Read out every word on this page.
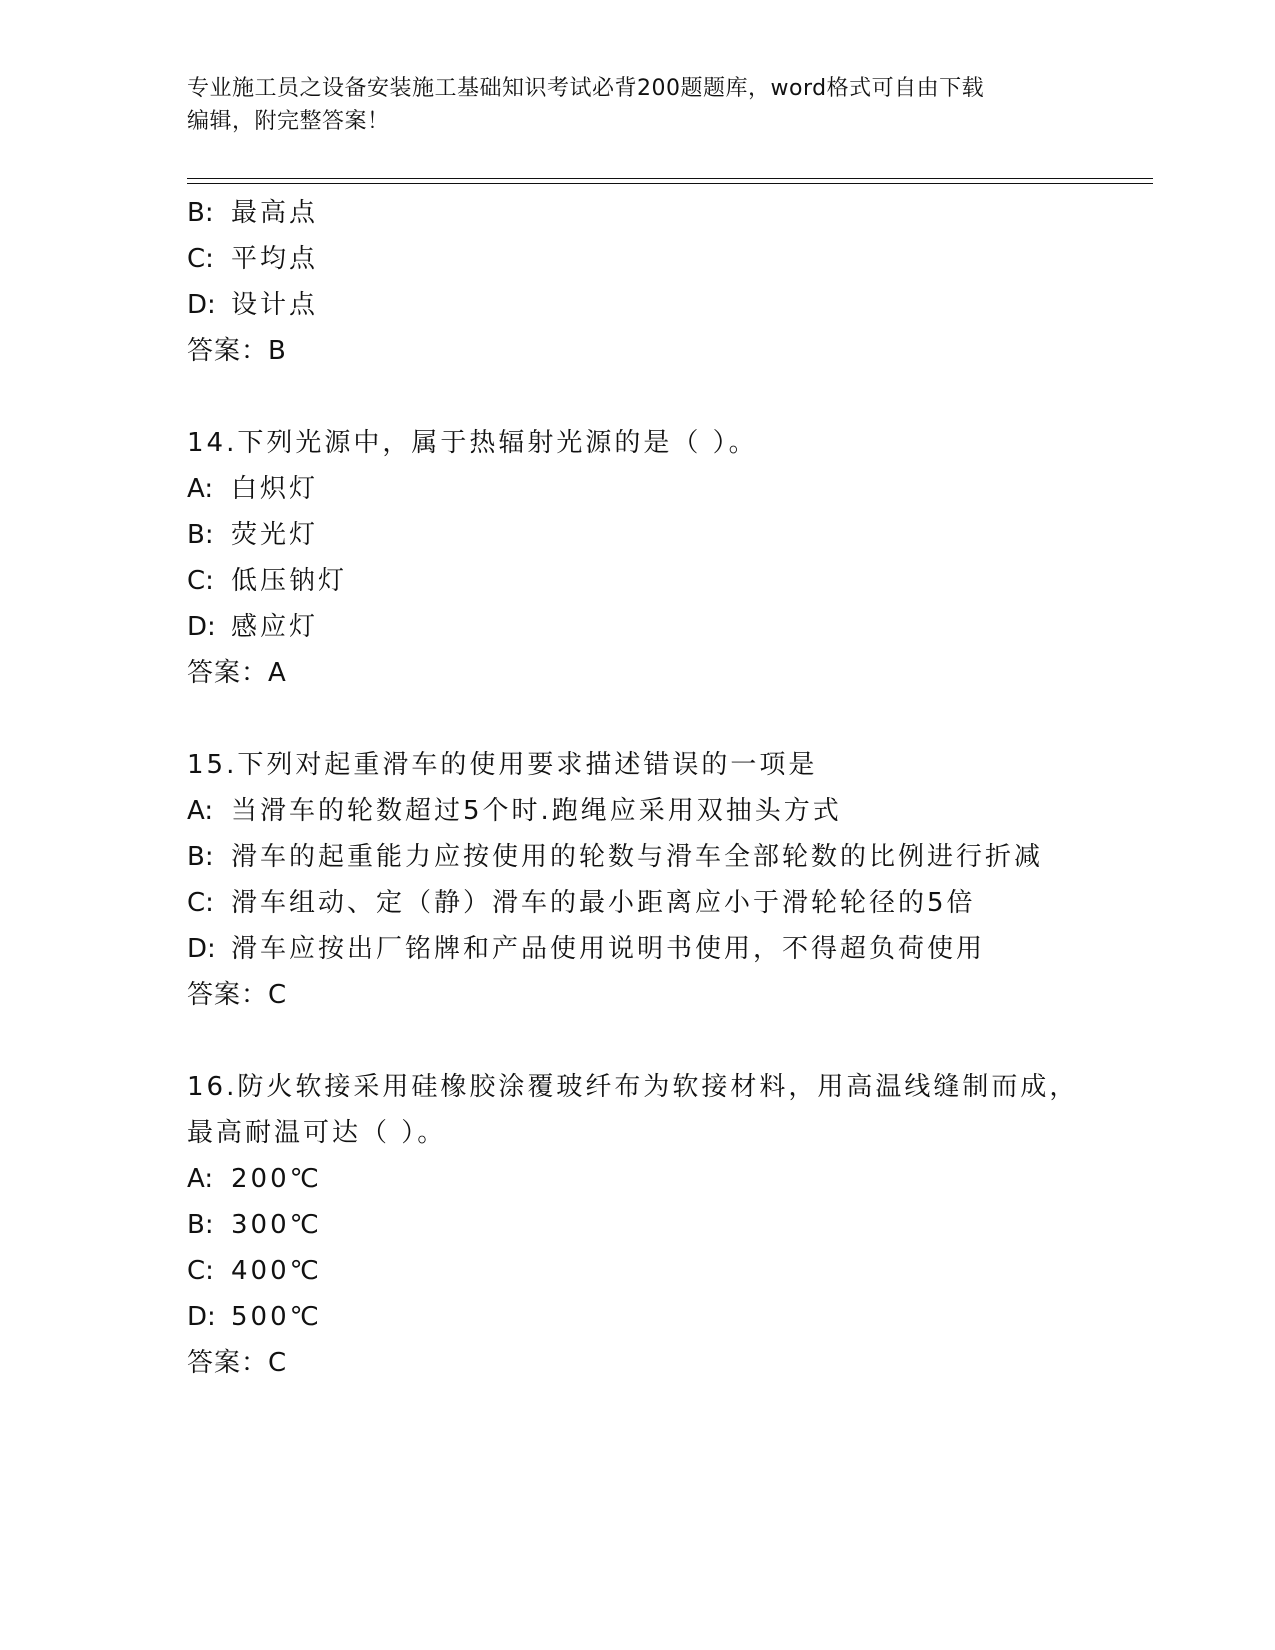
专业施工员之设备安装施工基础知识考试必背200题题库，word格式可自由下载
编辑，附完整答案！
B: 最高点
C: 平均点
D: 设计点
答案：B
14.下列光源中，属于热辐射光源的是（ ）。
A: 白炽灯
B: 荧光灯
C: 低压钠灯
D: 感应灯
答案：A
15.下列对起重滑车的使用要求描述错误的一项是
A: 当滑车的轮数超过5个时.跑绳应采用双抽头方式
B: 滑车的起重能力应按使用的轮数与滑车全部轮数的比例进行折减
C: 滑车组动、定（静）滑车的最小距离应小于滑轮轮径的5倍
D: 滑车应按出厂铭牌和产品使用说明书使用，不得超负荷使用
答案：C
16.防火软接采用硅橡胶涂覆玻纤布为软接材料，用高温线缝制而成，
最高耐温可达（ ）。
A: 200℃
B: 300℃
C: 400℃
D: 500℃
答案：C
